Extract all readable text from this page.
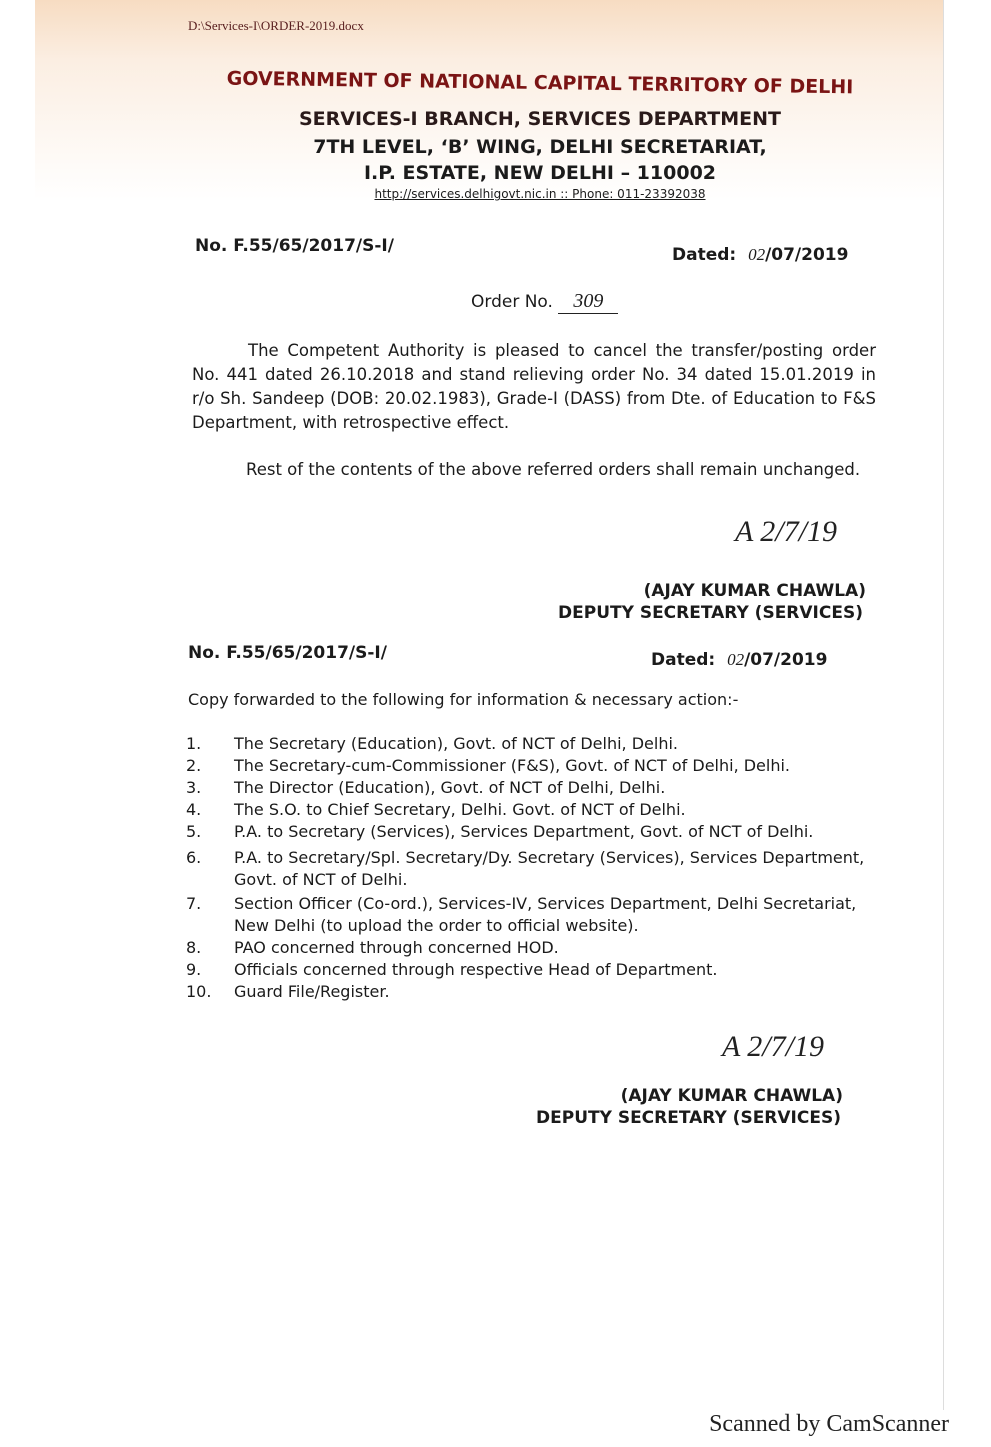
D:\Services-I\ORDER-2019.docx
GOVERNMENT OF NATIONAL CAPITAL TERRITORY OF DELHI
SERVICES-I BRANCH, SERVICES DEPARTMENT
7TH LEVEL, ‘B’ WING, DELHI SECRETARIAT,
I.P. ESTATE, NEW DELHI – 110002
http://services.delhigovt.nic.in :: Phone: 011-23392038
No. F.55/65/2017/S-I/	Dated: 02/07/2019
Order No. 309
The Competent Authority is pleased to cancel the transfer/posting order No. 441 dated 26.10.2018 and stand relieving order No. 34 dated 15.01.2019 in r/o Sh. Sandeep (DOB: 20.02.1983), Grade-I (DASS) from Dte. of Education to F&S Department, with retrospective effect.
Rest of the contents of the above referred orders shall remain unchanged.
A 2/7/19
(AJAY KUMAR CHAWLA)
DEPUTY SECRETARY (SERVICES)
No. F.55/65/2017/S-I/	Dated: 02/07/2019
Copy forwarded to the following for information & necessary action:-
1.	The Secretary (Education), Govt. of NCT of Delhi, Delhi.
2.	The Secretary-cum-Commissioner (F&S), Govt. of NCT of Delhi, Delhi.
3.	The Director (Education), Govt. of NCT of Delhi, Delhi.
4.	The S.O. to Chief Secretary, Delhi. Govt. of NCT of Delhi.
5.	P.A. to Secretary (Services), Services Department, Govt. of NCT of Delhi.
6.	P.A. to Secretary/Spl. Secretary/Dy. Secretary (Services), Services Department, Govt. of NCT of Delhi.
7.	Section Officer (Co-ord.), Services-IV, Services Department, Delhi Secretariat, New Delhi (to upload the order to official website).
8.	PAO concerned through concerned HOD.
9.	Officials concerned through respective Head of Department.
10.	Guard File/Register.
A 2/7/19
(AJAY KUMAR CHAWLA)
DEPUTY SECRETARY (SERVICES)
Scanned by CamScanner
